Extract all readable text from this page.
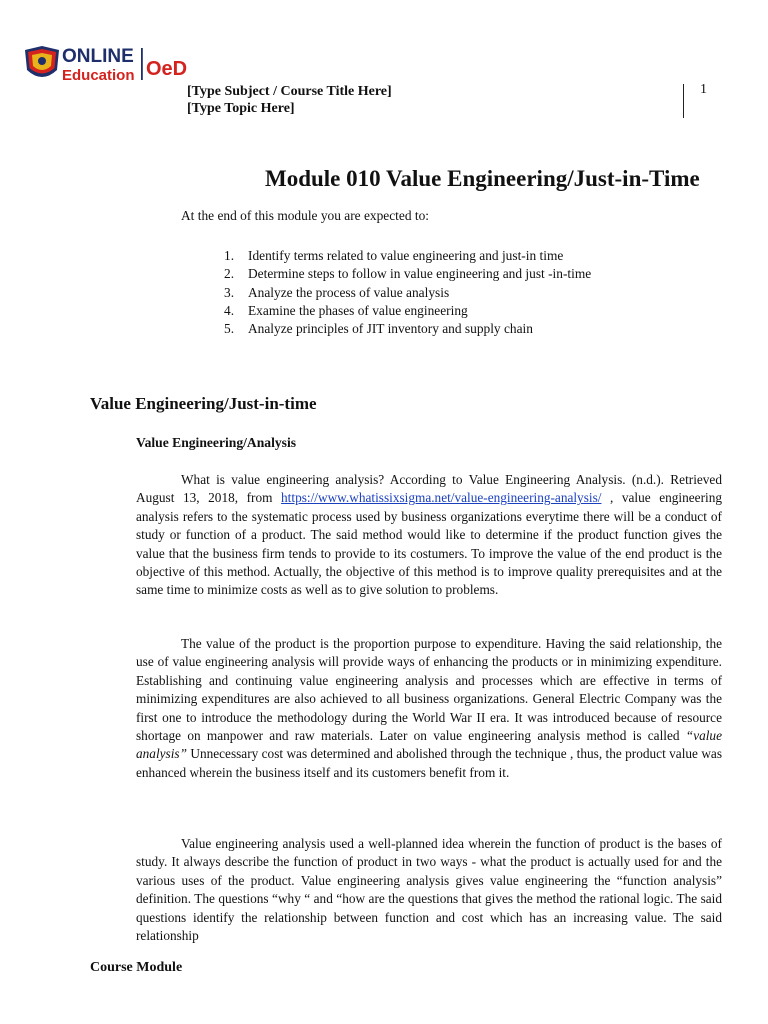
ONLINE
Education OeD
[Type Subject / Course Title Here]
[Type Topic Here]
1
Module 010 Value Engineering/Just-in-Time
At the end of this module you are expected to:
1.	Identify terms related to value engineering and just-in time
2.	Determine steps to follow in value engineering and just -in-time
3.	Analyze the process of value analysis
4.	Examine the phases of value engineering
5.	Analyze principles of JIT inventory and supply chain
Value Engineering/Just-in-time
Value Engineering/Analysis
What is value engineering analysis? According to Value Engineering Analysis. (n.d.). Retrieved August 13, 2018, from https://www.whatissixsigma.net/value-engineering-analysis/ , value engineering analysis refers to the systematic process used by business organizations everytime there will be a conduct of study or function of a product. The said method would like to determine if the product function gives the value that the business firm tends to provide to its costumers. To improve the value of the end product is the objective of this method. Actually, the objective of this method is to improve quality prerequisites and at the same time to minimize costs as well as to give solution to problems.
The value of the product is the proportion purpose to expenditure. Having the said relationship, the use of value engineering analysis will provide ways of enhancing the products or in minimizing expenditure. Establishing and continuing value engineering analysis and processes which are effective in terms of minimizing expenditures are also achieved to all business organizations. General Electric Company was the first one to introduce the methodology during the World War II era. It was introduced because of resource shortage on manpower and raw materials. Later on value engineering analysis method is called “value analysis” Unnecessary cost was determined and abolished through the technique , thus, the product value was enhanced wherein the business itself and its customers benefit from it.
Value engineering analysis used a well-planned idea wherein the function of product is the bases of study. It always describe the function of product in two ways - what the product is actually used for and the various uses of the product. Value engineering analysis gives value engineering the “function analysis” definition. The questions “why “ and “how are the questions that gives the method the rational logic. The said questions identify the relationship between function and cost which has an increasing value. The said relationship
Course Module
